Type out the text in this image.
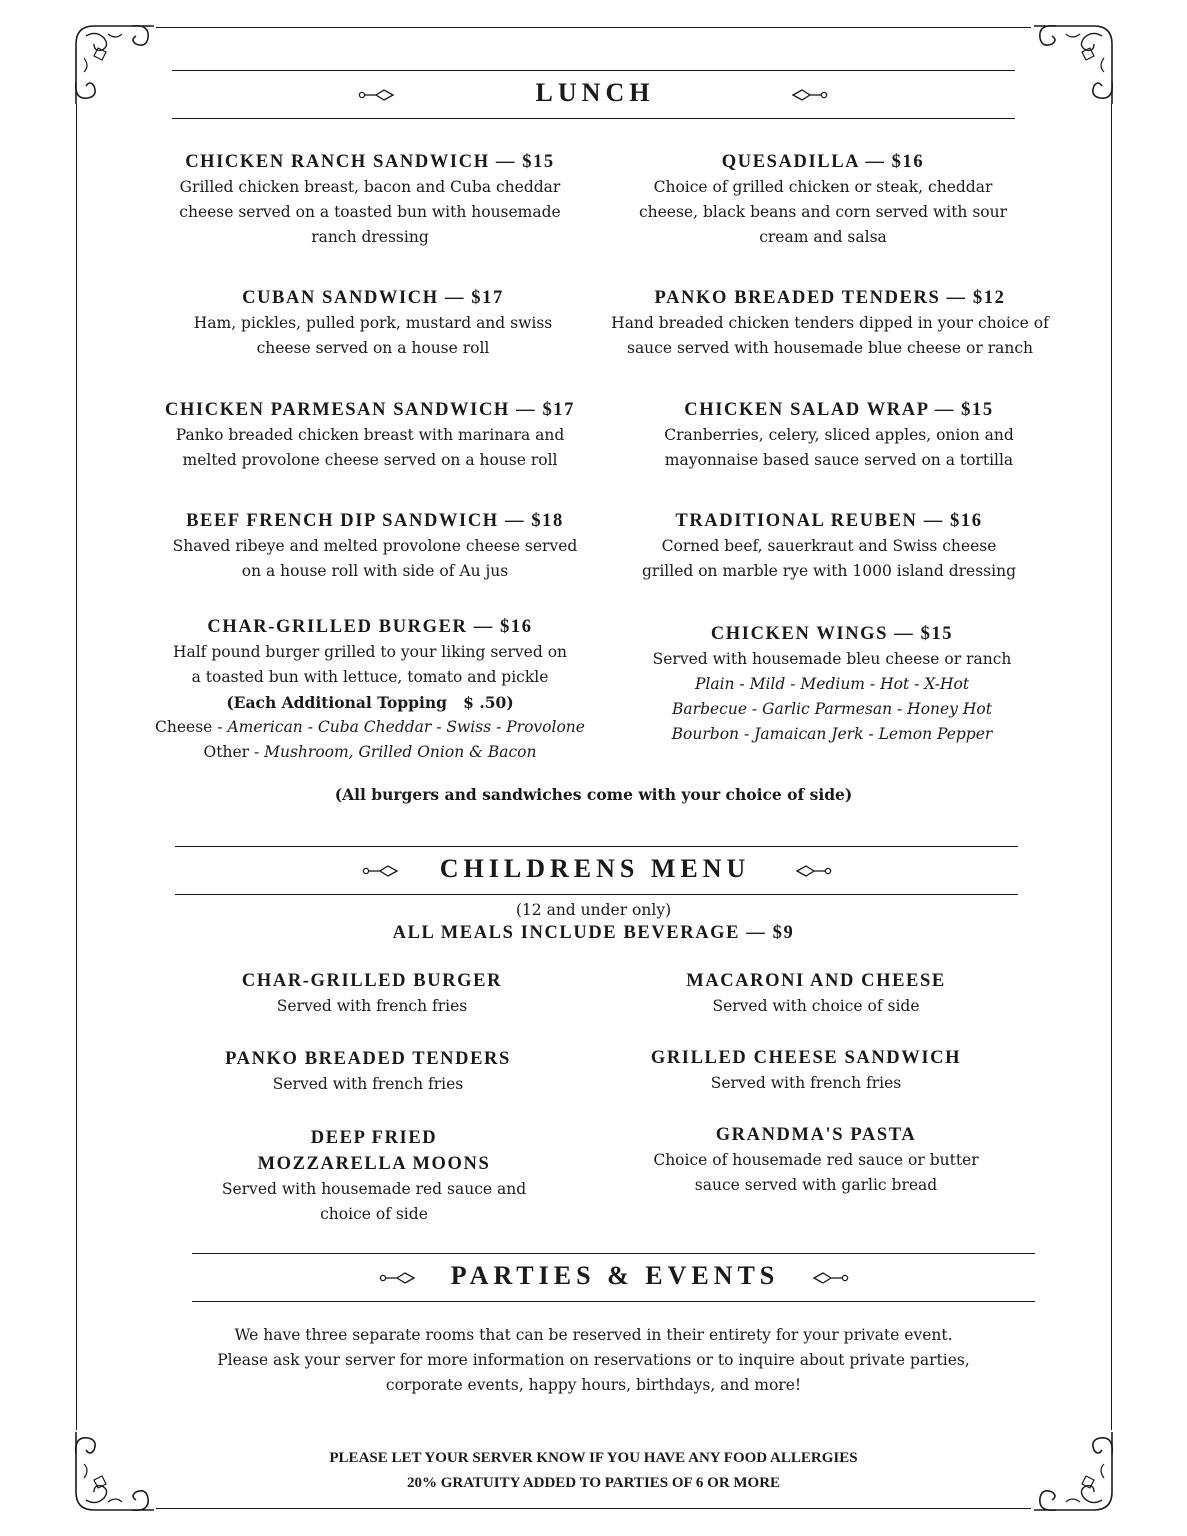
LUNCH
CHICKEN RANCH SANDWICH — $15
Grilled chicken breast, bacon and Cuba cheddar
cheese served on a toasted bun with housemade
ranch dressing
CUBAN SANDWICH — $17
Ham, pickles, pulled pork, mustard and swiss
cheese served on a house roll
CHICKEN PARMESAN SANDWICH — $17
Panko breaded chicken breast with marinara and
melted provolone cheese served on a house roll
BEEF FRENCH DIP SANDWICH — $18
Shaved ribeye and melted provolone cheese served
on a house roll with side of Au jus
CHAR-GRILLED BURGER — $16
Half pound burger grilled to your liking served on
a toasted bun with lettuce, tomato and pickle
(Each Additional Topping   $ .50)
Cheese - American - Cuba Cheddar - Swiss - Provolone
Other - Mushroom, Grilled Onion & Bacon
QUESADILLA — $16
Choice of grilled chicken or steak, cheddar
cheese, black beans and corn served with sour
cream and salsa
PANKO BREADED TENDERS — $12
Hand breaded chicken tenders dipped in your choice of
sauce served with housemade blue cheese or ranch
CHICKEN SALAD WRAP — $15
Cranberries, celery, sliced apples, onion and
mayonnaise based sauce served on a tortilla
TRADITIONAL REUBEN — $16
Corned beef, sauerkraut and Swiss cheese
grilled on marble rye with 1000 island dressing
CHICKEN WINGS — $15
Served with housemade bleu cheese or ranch
Plain - Mild - Medium - Hot - X-Hot
Barbecue - Garlic Parmesan - Honey Hot
Bourbon - Jamaican Jerk - Lemon Pepper
(All burgers and sandwiches come with your choice of side)
CHILDRENS MENU
(12 and under only)
ALL MEALS INCLUDE BEVERAGE — $9
CHAR-GRILLED BURGER
Served with french fries
PANKO BREADED TENDERS
Served with french fries
DEEP FRIED
MOZZARELLA MOONS
Served with housemade red sauce and
choice of side
MACARONI AND CHEESE
Served with choice of side
GRILLED CHEESE SANDWICH
Served with french fries
GRANDMA'S PASTA
Choice of housemade red sauce or butter
sauce served with garlic bread
PARTIES & EVENTS
We have three separate rooms that can be reserved in their entirety for your private event.
Please ask your server for more information on reservations or to inquire about private parties,
corporate events, happy hours, birthdays, and more!
PLEASE LET YOUR SERVER KNOW IF YOU HAVE ANY FOOD ALLERGIES
20% GRATUITY ADDED TO PARTIES OF 6 OR MORE
